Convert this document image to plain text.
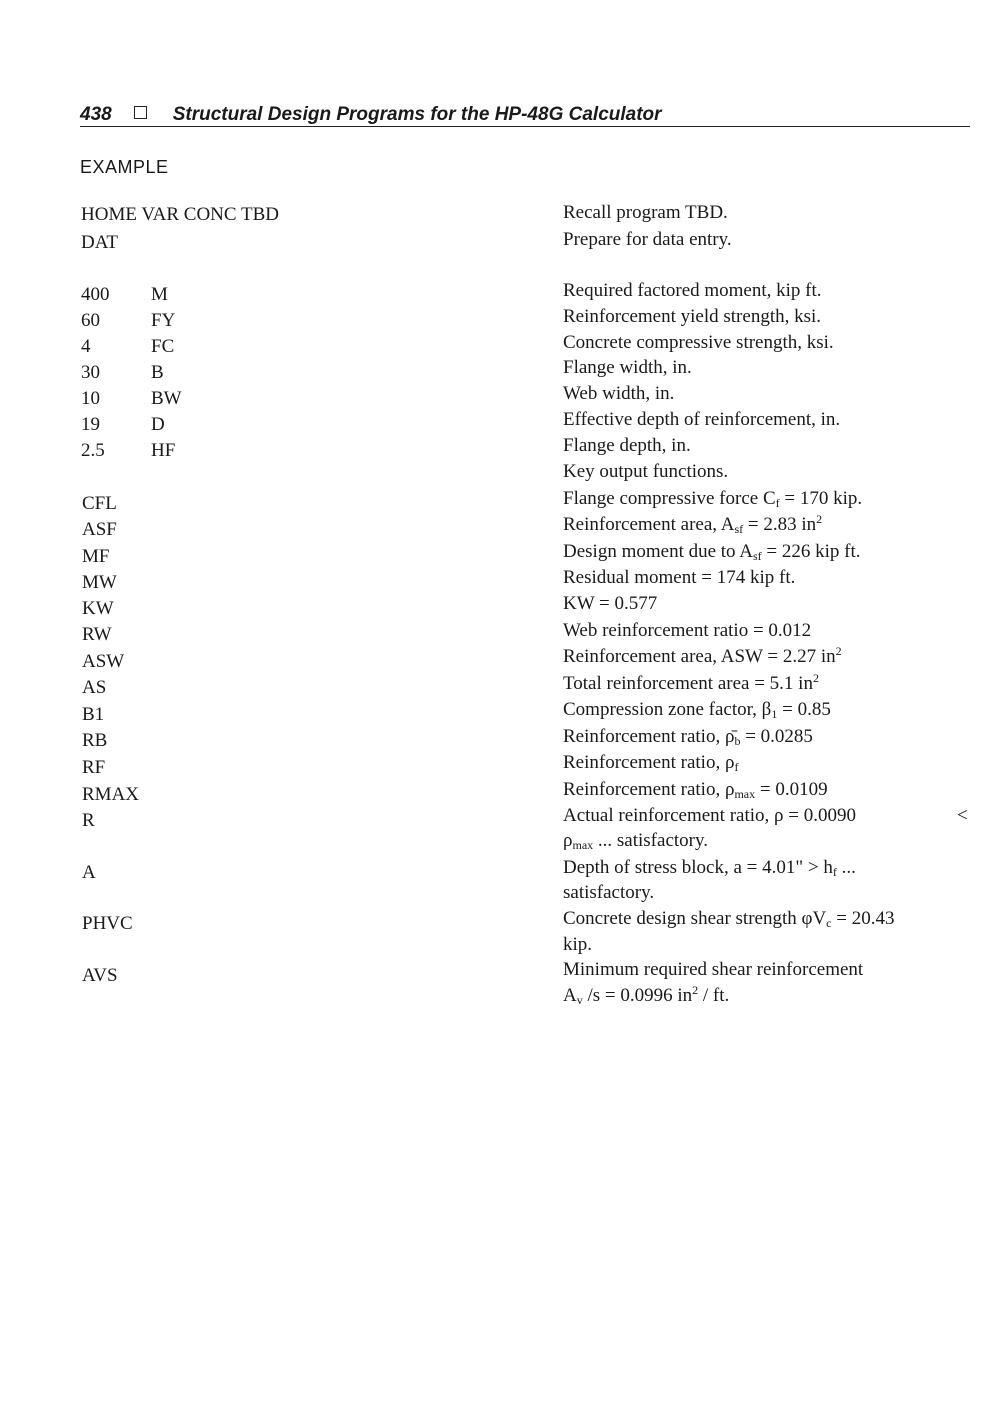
438	Structural Design Programs for the HP-48G Calculator
EXAMPLE
HOME VAR CONC TBD	Recall program TBD.
DAT	Prepare for data entry.
400 M	Required factored moment, kip ft.
60	FY	Reinforcement yield strength, ksi.
4	FC	Concrete compressive strength, ksi.
30	B	Flange width, in.
10	BW	Web width, in.
19	D	Effective depth of reinforcement, in.
2.5 HF	Flange depth, in.
Key output functions.
CFL	Flange compressive force $C_f = 170$ kip.
ASF	Reinforcement area, $A_{sf} = 2.83$ $in^2$
MF	Design moment due to $A_{sf} = 226$ kip ft.
MW	Residual moment = 174 kip ft.
KW	KW = 0.577
RW	Web reinforcement ratio = 0.012
ASW	Reinforcement area, ASW = 2.27 $in^2$
AS	Total reinforcement area = 5.1 $in^2$
B1	Compression zone factor, $\beta_1 = 0.85$
RB	Reinforcement ratio, $\rhō_b = 0.0285$
RF	Reinforcement ratio, $\rho_f$
RMAX	Reinforcement ratio, $\rho_{max} = 0.0109$
R	Actual reinforcement ratio, ρ = 0.0090	<
$\rho_{max}$ ... satisfactory.
A	Depth of stress block, a = 4.01" > $h_f$ ...
satisfactory.
PHVC	Concrete design shear strength $\varphi V_c = 20.43$
kip.
AVS	Minimum required shear reinforcement
$A_v$ /s = 0.0996 $in^2$ / ft.
